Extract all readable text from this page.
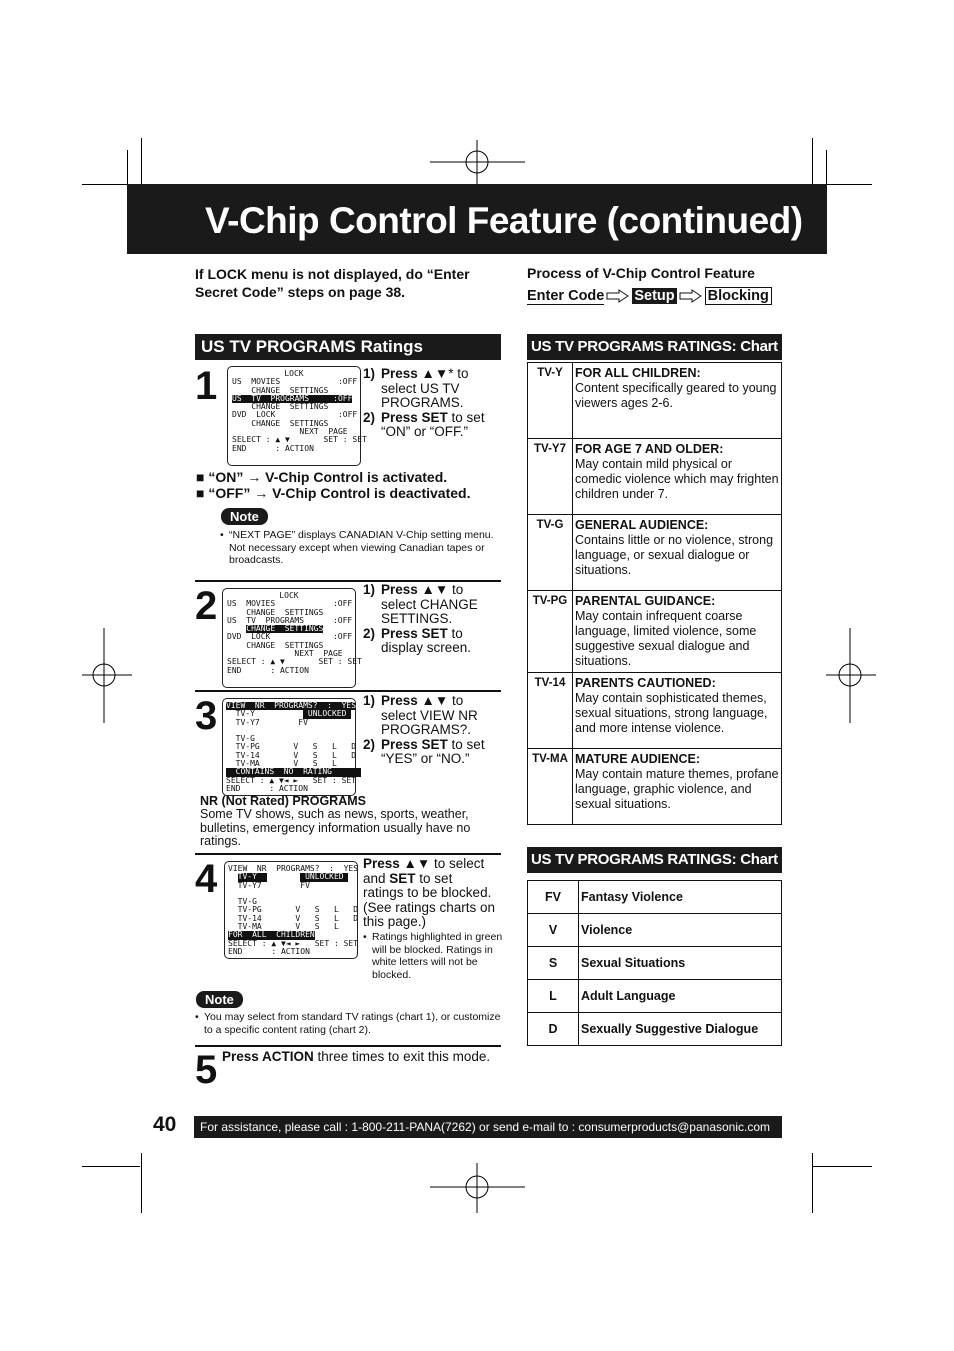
V-Chip Control Feature (continued)
If LOCK menu is not displayed, do “Enter Secret Code” steps on page 38.
Process of V-Chip Control Feature
Enter Code Setup Blocking
US TV PROGRAMS Ratings
1	LOCK
US  MOVIES            :OFF
CHANGE  SETTINGS
US  TV  PROGRAMS     :OFF
CHANGE  SETTINGS
DVD  LOCK             :OFF
CHANGE  SETTINGS
NEXT  PAGE
SELECT : ▲ ▼       SET : SET
END      : ACTION
1) Press ▲▼* to
select US TV
PROGRAMS.
2) Press SET to set
“ON” or “OFF.”
■ “ON” → V-Chip Control is activated.
■ “OFF” → V-Chip Control is deactivated.
Note
• “NEXT PAGE” displays CANADIAN V-Chip setting menu. Not necessary except when viewing Canadian tapes or broadcasts.
2	LOCK
US  MOVIES            :OFF
CHANGE  SETTINGS
US  TV  PROGRAMS      :OFF
CHANGE  SETTINGS
DVD  LOCK             :OFF
CHANGE  SETTINGS
NEXT  PAGE
SELECT : ▲ ▼       SET : SET
END      : ACTION
1) Press ▲▼ to
select CHANGE
SETTINGS.
2) Press SET to
display screen.
3 VIEW  NR  PROGRAMS?  :  YES
TV-Y           UNLOCKED
TV-Y7        FV

TV-G
TV-PG       V   S   L   D
TV-14       V   S   L   D
TV-MA       V   S   L
CONTAINS  NO  RATING
SELECT : ▲ ▼◄ ►   SET : SET
END      : ACTION
1) Press ▲▼ to
select VIEW NR
PROGRAMS?.
2) Press SET to set
“YES” or “NO.”
NR (Not Rated) PROGRAMS
Some TV shows, such as news, sports, weather, bulletins, emergency information usually have no ratings.
4 VIEW  NR  PROGRAMS?  :  YES
TV-Y	UNLOCKED
TV-Y7        FV

TV-G
TV-PG       V   S   L   D
TV-14       V   S   L   D
TV-MA       V   S   L
FOR  ALL  CHILDREN
SELECT : ▲ ▼◄ ►   SET : SET
END      : ACTION
Press ▲▼ to select
and SET to set
ratings to be blocked.
(See ratings charts on
this page.)
• Ratings highlighted in green will be blocked. Ratings in white letters will not be blocked.
Note
• You may select from standard TV ratings (chart 1), or customize to a specific content rating (chart 2).
5 Press ACTION three times to exit this mode.
US TV PROGRAMS RATINGS: Chart 1
TV-Y	FOR ALL CHILDREN:
Content specifically geared to young viewers ages 2-6.

TV-Y7	FOR AGE 7 AND OLDER:
May contain mild physical or comedic violence which may frighten children under 7.

TV-G	GENERAL AUDIENCE:
Contains little or no violence, strong language, or sexual dialogue or situations.

TV-PG	PARENTAL GUIDANCE:
May contain infrequent coarse language, limited violence, some suggestive sexual dialogue and situations.

TV-14	PARENTS CAUTIONED:
May contain sophisticated themes, sexual situations, strong language, and more intense violence.

TV-MA	MATURE AUDIENCE:
May contain mature themes, profane language, graphic violence, and sexual situations.
US TV PROGRAMS RATINGS: Chart 2
FV	Fantasy Violence
V	Violence
S	Sexual Situations
L	Adult Language
D	Sexually Suggestive Dialogue
40	For assistance, please call : 1-800-211-PANA(7262) or send e-mail to : consumerproducts@panasonic.com
